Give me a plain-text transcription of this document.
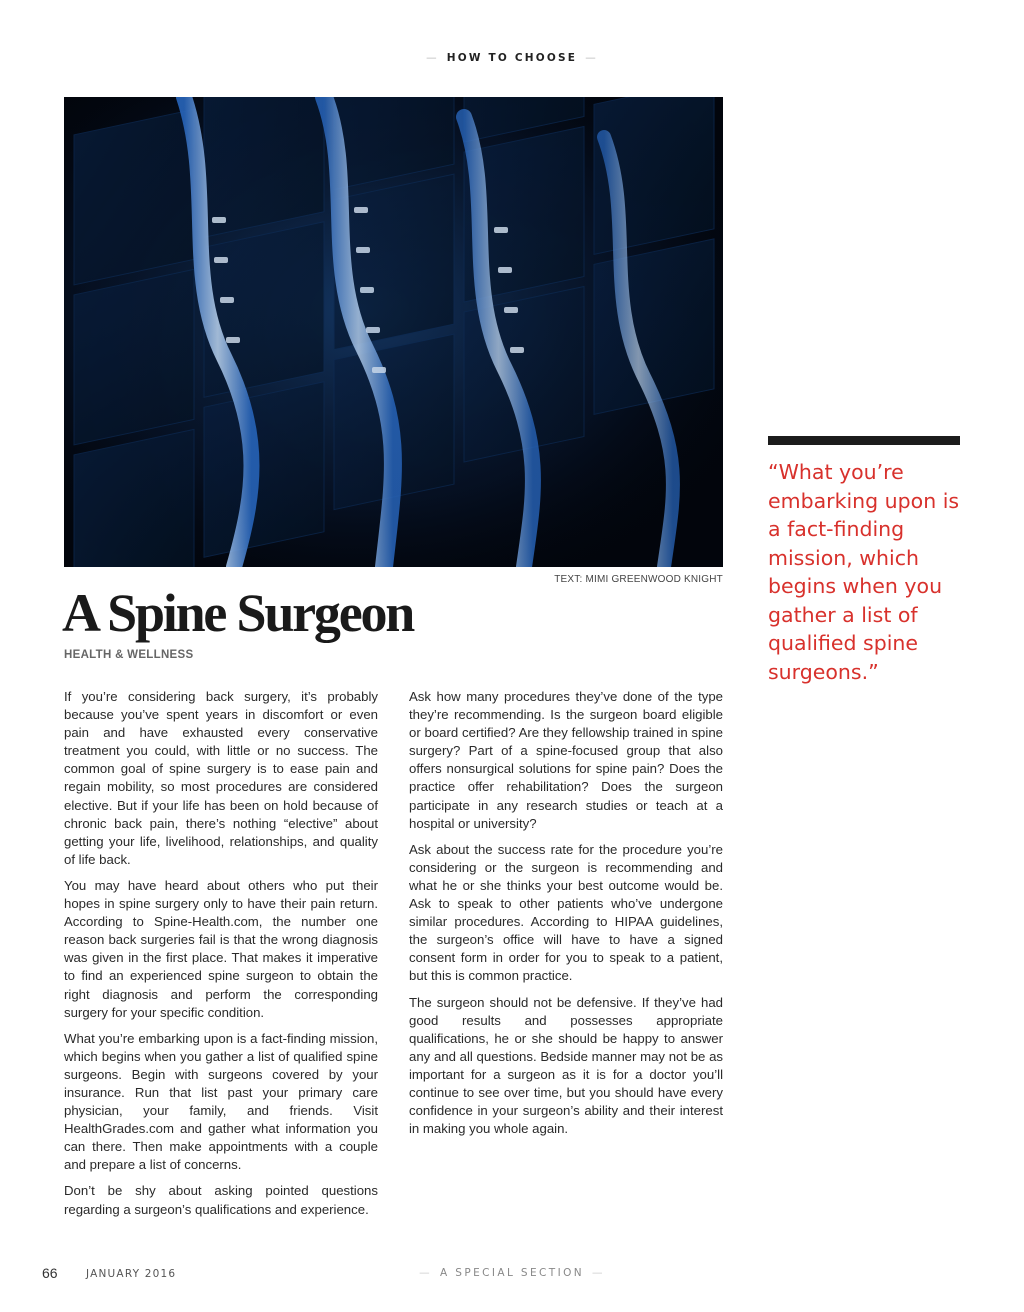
— HOW TO CHOOSE —
TEXT: MIMI GREENWOOD KNIGHT
A Spine Surgeon
HEALTH & WELLNESS

If you’re considering back surgery, it’s probably because you’ve spent years in discomfort or even pain and have exhausted every conservative treatment you could, with little or no success. The common goal of spine surgery is to ease pain and regain mobility, so most procedures are considered elective. But if your life has been on hold because of chronic back pain, there’s nothing “elective” about getting your life, livelihood, relationships, and quality of life back.

You may have heard about others who put their hopes in spine surgery only to have their pain return. According to Spine-Health.com, the number one reason back surgeries fail is that the wrong diagnosis was given in the first place. That makes it imperative to find an experienced spine surgeon to obtain the right diagnosis and perform the corresponding surgery for your specific condition.

What you’re embarking upon is a fact-finding mission, which begins when you gather a list of qualified spine surgeons. Begin with surgeons covered by your insurance. Run that list past your primary care physician, your family, and friends. Visit HealthGrades.com and gather what information you can there. Then make appointments with a couple and prepare a list of concerns.

Don’t be shy about asking pointed questions regarding a surgeon’s qualifications and experience.

Ask how many procedures they’ve done of the type they’re recommending. Is the surgeon board eligible or board certified? Are they fellowship trained in spine surgery? Part of a spine-focused group that also offers nonsurgical solutions for spine pain? Does the practice offer rehabilitation? Does the surgeon participate in any research studies or teach at a hospital or university?

Ask about the success rate for the procedure you’re considering or the surgeon is recommending and what he or she thinks your best outcome would be. Ask to speak to other patients who’ve undergone similar procedures. According to HIPAA guidelines, the surgeon’s office will have to have a signed consent form in order for you to speak to a patient, but this is common practice.

The surgeon should not be defensive. If they’ve had good results and possesses appropriate qualifications, he or she should be happy to answer any and all questions. Bedside manner may not be as important for a surgeon as it is for a doctor you’ll continue to see over time, but you should have every confidence in your surgeon’s ability and their interest in making you whole again.

“What you’re embarking upon is a fact-finding mission, which begins when you gather a list of qualified spine surgeons.”
66	JANUARY 2016	— A SPECIAL SECTION —
